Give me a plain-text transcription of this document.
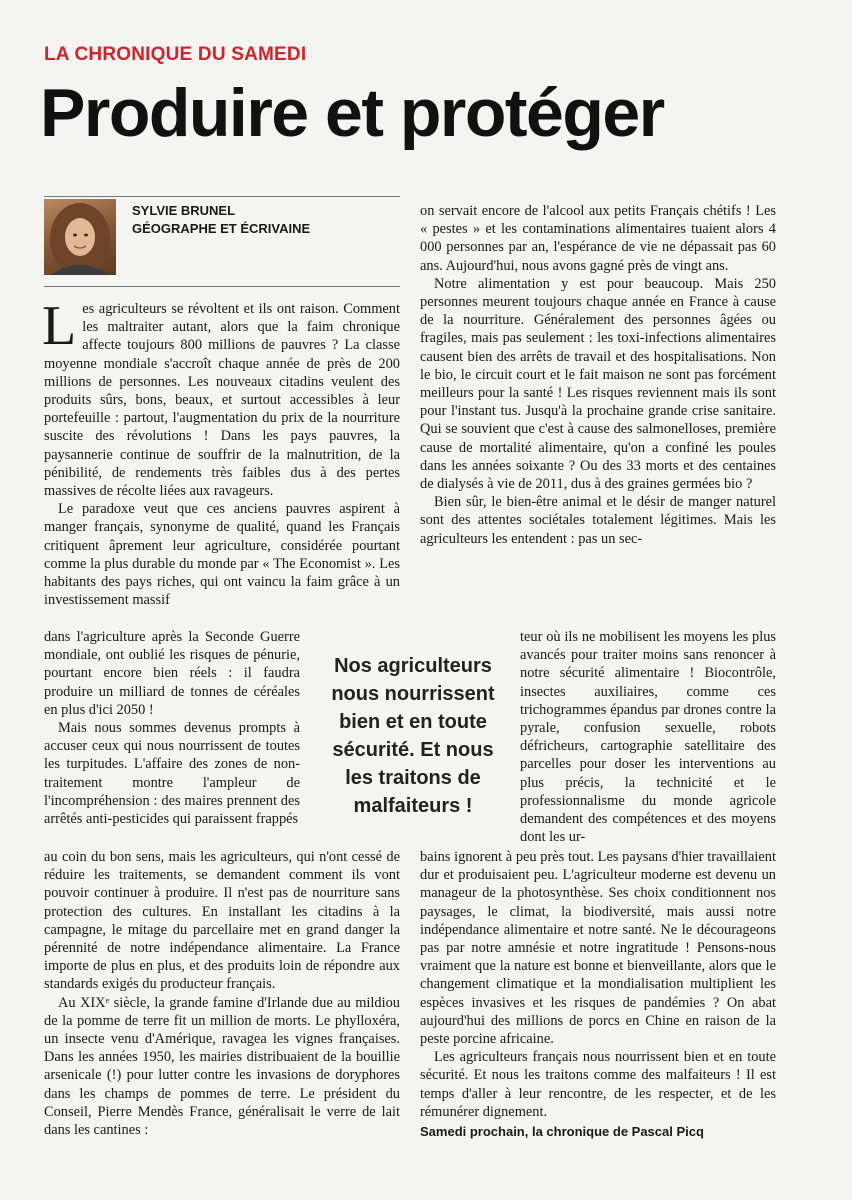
LA CHRONIQUE DU SAMEDI
Produire et protéger
SYLVIE BRUNEL
GÉOGRAPHE ET ÉCRIVAINE

Les agriculteurs se révoltent et ils ont raison. Comment les maltraiter autant, alors que la faim chronique affecte toujours 800 millions de pauvres ? La classe moyenne mondiale s'accroît chaque année de près de 200 millions de personnes. Les nouveaux citadins veulent des produits sûrs, bons, beaux, et surtout accessibles à leur portefeuille : partout, l'augmentation du prix de la nourriture suscite des révolutions ! Dans les pays pauvres, la paysannerie continue de souffrir de la malnutrition, de la pénibilité, de rendements très faibles dus à des pertes massives de récolte liées aux ravageurs.

Le paradoxe veut que ces anciens pauvres aspirent à manger français, synonyme de qualité, quand les Français critiquent âprement leur agriculture, considérée pourtant comme la plus durable du monde par « The Economist ». Les habitants des pays riches, qui ont vaincu la faim grâce à un investissement massif

dans l'agriculture après la Seconde Guerre mondiale, ont oublié les risques de pénurie, pourtant encore bien réels : il faudra produire un milliard de tonnes de céréales en plus d'ici 2050 !

Mais nous sommes devenus prompts à accuser ceux qui nous nourrissent de toutes les turpitudes. L'affaire des zones de non-traitement montre l'ampleur de l'incompréhension : des maires prennent des arrêtés anti-pesticides qui paraissent frappés

au coin du bon sens, mais les agriculteurs, qui n'ont cessé de réduire les traitements, se demandent comment ils vont pouvoir continuer à produire. Il n'est pas de nourriture sans protection des cultures. En installant les citadins à la campagne, le mitage du parcellaire met en grand danger la pérennité de notre indépendance alimentaire. La France importe de plus en plus, et des produits loin de répondre aux standards exigés du producteur français.

Au XIXᵉ siècle, la grande famine d'Irlande due au mildiou de la pomme de terre fit un million de morts. Le phylloxéra, un insecte venu d'Amérique, ravagea les vignes françaises. Dans les années 1950, les mairies distribuaient de la bouillie arsenicale (!) pour lutter contre les invasions de doryphores dans les champs de pommes de terre. Le président du Conseil, Pierre Mendès France, généralisait le verre de lait dans les cantines :

on servait encore de l'alcool aux petits Français chétifs ! Les « pestes » et les contaminations alimentaires tuaient alors 4 000 personnes par an, l'espérance de vie ne dépassait pas 60 ans. Aujourd'hui, nous avons gagné près de vingt ans.

Notre alimentation y est pour beaucoup. Mais 250 personnes meurent toujours chaque année en France à cause de la nourriture. Généralement des personnes âgées ou fragiles, mais pas seulement : les toxi-infections alimentaires causent bien des arrêts de travail et des hospitalisations. Non le bio, le circuit court et le fait maison ne sont pas forcément meilleurs pour la santé ! Les risques reviennent mais ils sont pour l'instant tus. Jusqu'à la prochaine grande crise sanitaire. Qui se souvient que c'est à cause des salmonelloses, première cause de mortalité alimentaire, qu'on a confiné les poules dans les années soixante ? Ou des 33 morts et des centaines de dialysés à vie de 2011, dus à des graines germées bio ?

Bien sûr, le bien-être animal et le désir de manger naturel sont des attentes sociétales totalement légitimes. Mais les agriculteurs les entendent : pas un sec-

teur où ils ne mobilisent les moyens les plus avancés pour traiter moins sans renoncer à notre sécurité alimentaire ! Biocontrôle, insectes auxiliaires, comme ces trichogrammes épandus par drones contre la pyrale, confusion sexuelle, robots défricheurs, cartographie satellitaire des parcelles pour doser les interventions au plus précis, la technicité et le professionnalisme du monde agricole demandent des compétences et des moyens dont les ur-

bains ignorent à peu près tout. Les paysans d'hier travaillaient dur et produisaient peu. L'agriculteur moderne est devenu un manageur de la photosynthèse. Ses choix conditionnent nos paysages, le climat, la biodiversité, mais aussi notre indépendance alimentaire et notre santé. Ne le décourageons pas par notre amnésie et notre ingratitude ! Pensons-nous vraiment que la nature est bonne et bienveillante, alors que le changement climatique et la mondialisation multiplient les espèces invasives et les risques de pandémies ? On abat aujourd'hui des millions de porcs en Chine en raison de la peste porcine africaine.

Les agriculteurs français nous nourrissent bien et en toute sécurité. Et nous les traitons comme des malfaiteurs ! Il est temps d'aller à leur rencontre, de les respecter, et de les rémunérer dignement.

Samedi prochain, la chronique de Pascal Picq
Nos agriculteurs nous nourrissent bien et en toute sécurité. Et nous les traitons de malfaiteurs !
